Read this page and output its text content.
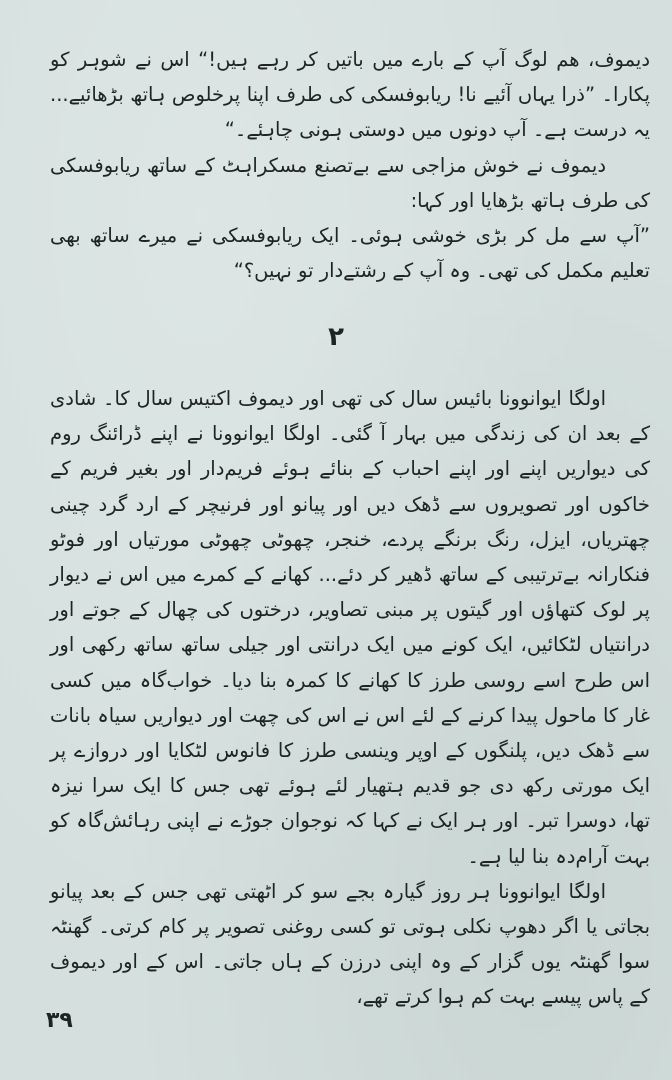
ديموف، هم لوگ آپ کے بارے میں باتیں کر رہے ہیں!“ اس نے شوہر کو پکارا۔ ”ذرا یہاں آئیے نا! ریابوفسکی کی طرف اپنا پرخلوص ہاتھ بڑھائیے... یہ درست ہے۔ آپ دونوں میں دوستی ہونی چاہئے۔“

ديموف نے خوش مزاجی سے بےتصنع مسکراہٹ کے ساتھ ریابوفسکی کی طرف ہاتھ بڑھایا اور کہا:

”آپ سے مل کر بڑی خوشی ہوئی۔ ایک ریابوفسکی نے میرے ساتھ بھی تعلیم مکمل کی تھی۔ وہ آپ کے رشتےدار تو نہیں؟“

۲

اولگا ایوانوونا بائیس سال کی تھی اور دیموف اکتیس سال کا۔ شادی کے بعد ان کی زندگی میں بہار آ گئی۔ اولگا ایوانوونا نے اپنے ڈرائنگ روم کی دیواریں اپنے اور اپنے احباب کے بنائے ہوئے فریم‌دار اور بغیر فریم کے خاکوں اور تصویروں سے ڈھک دیں اور پیانو اور فرنیچر کے ارد گرد چینی چھتریاں، ایزل، رنگ برنگے پردے، خنجر، چھوٹی چھوٹی مورتیاں اور فوٹو فنکارانہ بےترتیبی کے ساتھ ڈھیر کر دئے... کھانے کے کمرے میں اس نے دیوار پر لوک کتھاؤں اور گیتوں پر مبنی تصاویر، درختوں کی چھال کے جوتے اور درانتیاں لٹکائیں، ایک کونے میں ایک درانتی اور جیلی ساتھ ساتھ رکھی اور اس طرح اسے روسی طرز کا کھانے کا کمرہ بنا دیا۔ خواب‌گاہ میں کسی غار کا ماحول پیدا کرنے کے لئے اس نے اس کی چھت اور دیواریں سیاہ بانات سے ڈھک دیں، پلنگوں کے اوپر وینسی طرز کا فانوس لٹکایا اور دروازے پر ایک مورتی رکھ دی جو قدیم ہتھیار لئے ہوئے تھی جس کا ایک سرا نیزہ تھا، دوسرا تبر۔ اور ہر ایک نے کہا کہ نوجوان جوڑے نے اپنی رہائش‌گاہ کو بہت آرام‌دہ بنا لیا ہے۔

اولگا ایوانوونا ہر روز گیارہ بجے سو کر اٹھتی تھی جس کے بعد پیانو بجاتی یا اگر دھوپ نکلی ہوتی تو کسی روغنی تصویر پر کام کرتی۔ گھنٹہ سوا گھنٹہ یوں گزار کے وہ اپنی درزن کے ہاں جاتی۔ اس کے اور دیموف کے پاس پیسے بہت کم ہوا کرتے تھے،

۳۹
